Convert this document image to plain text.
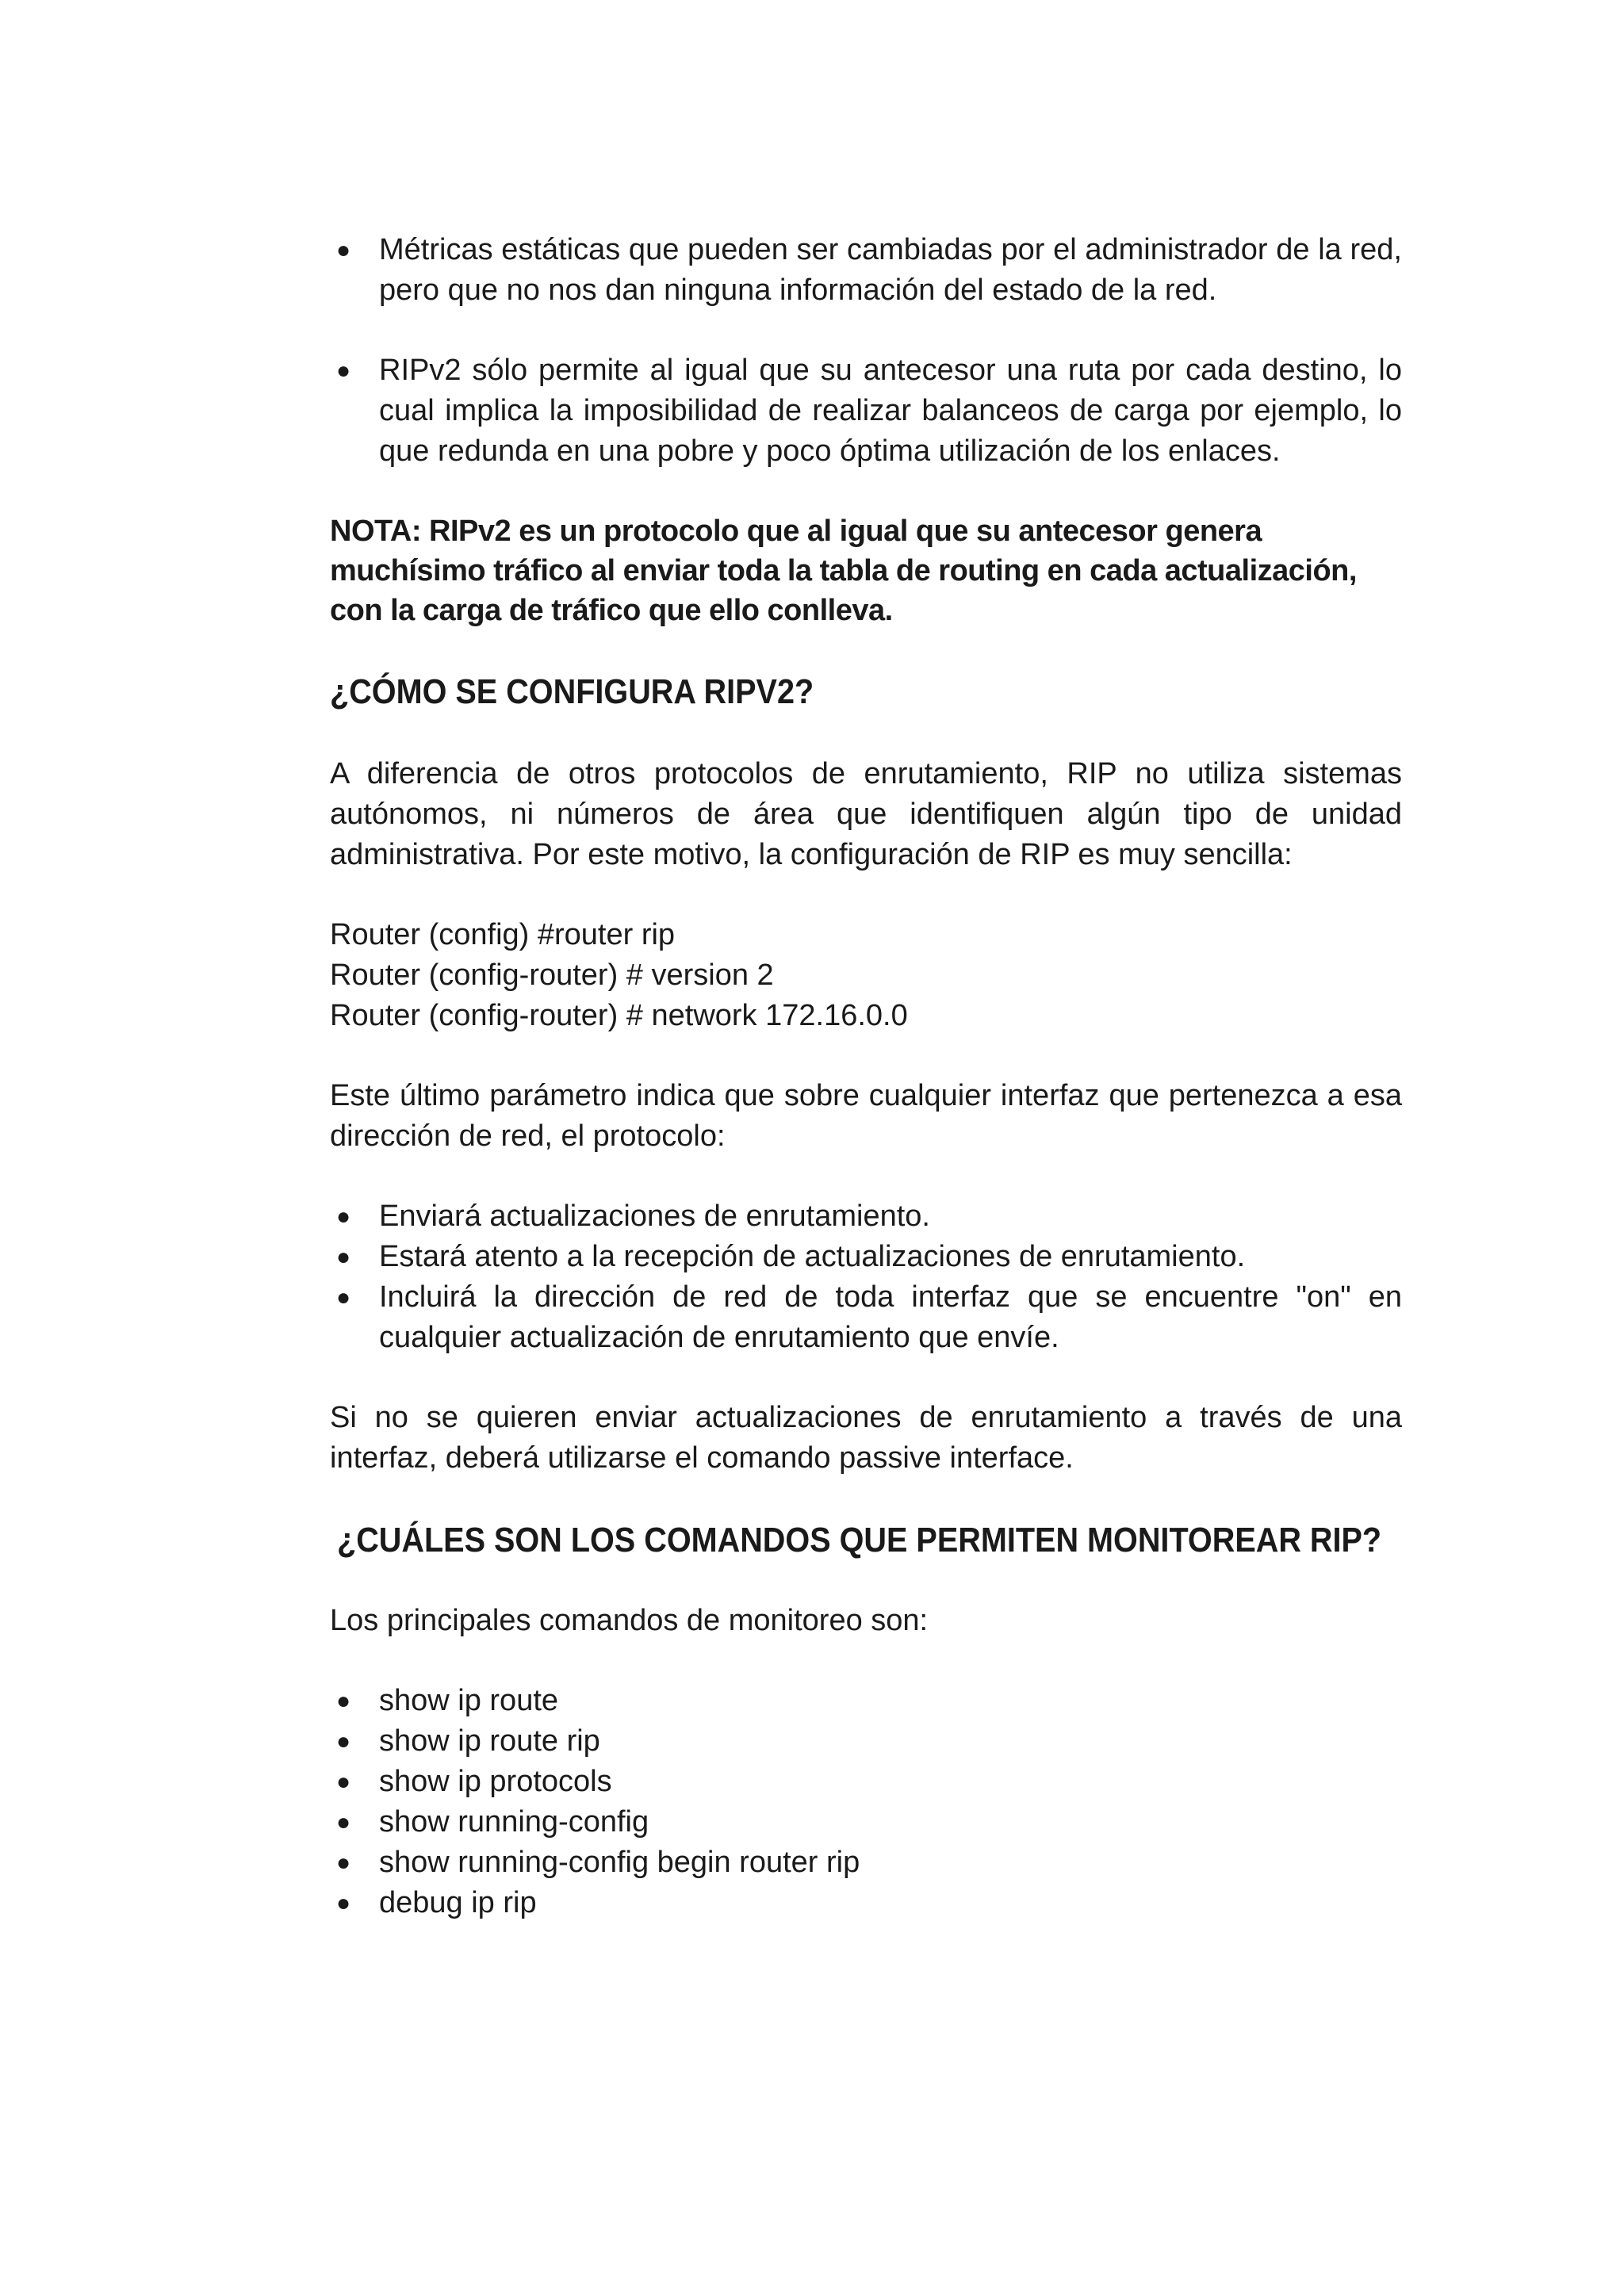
● Métricas estáticas que pueden ser cambiadas por el administrador de la red, pero que no nos dan ninguna información del estado de la red.
● RIPv2 sólo permite al igual que su antecesor una ruta por cada destino, lo cual implica la imposibilidad de realizar balanceos de carga por ejemplo, lo que redunda en una pobre y poco óptima utilización de los enlaces.

NOTA: RIPv2 es un protocolo que al igual que su antecesor genera muchísimo tráfico al enviar toda la tabla de routing en cada actualización, con la carga de tráfico que ello conlleva.

¿CÓMO SE CONFIGURA RIPV2?

A diferencia de otros protocolos de enrutamiento, RIP no utiliza sistemas autónomos, ni números de área que identifiquen algún tipo de unidad administrativa. Por este motivo, la configuración de RIP es muy sencilla:

Router (config) #router rip

Router (config-router) # version 2

Router (config-router) # network 172.16.0.0

Este último parámetro indica que sobre cualquier interfaz que pertenezca a esa dirección de red, el protocolo:

● Enviará actualizaciones de enrutamiento.
● Estará atento a la recepción de actualizaciones de enrutamiento.
● Incluirá la dirección de red de toda interfaz que se encuentre "on" en cualquier actualización de enrutamiento que envíe.

Si no se quieren enviar actualizaciones de enrutamiento a través de una interfaz, deberá utilizarse el comando passive interface.

¿CUÁLES SON LOS COMANDOS QUE PERMITEN MONITOREAR RIP?

Los principales comandos de monitoreo son:

● show ip route
● show ip route rip
● show ip protocols
● show running-config
● show running-config begin router rip
● debug ip rip
